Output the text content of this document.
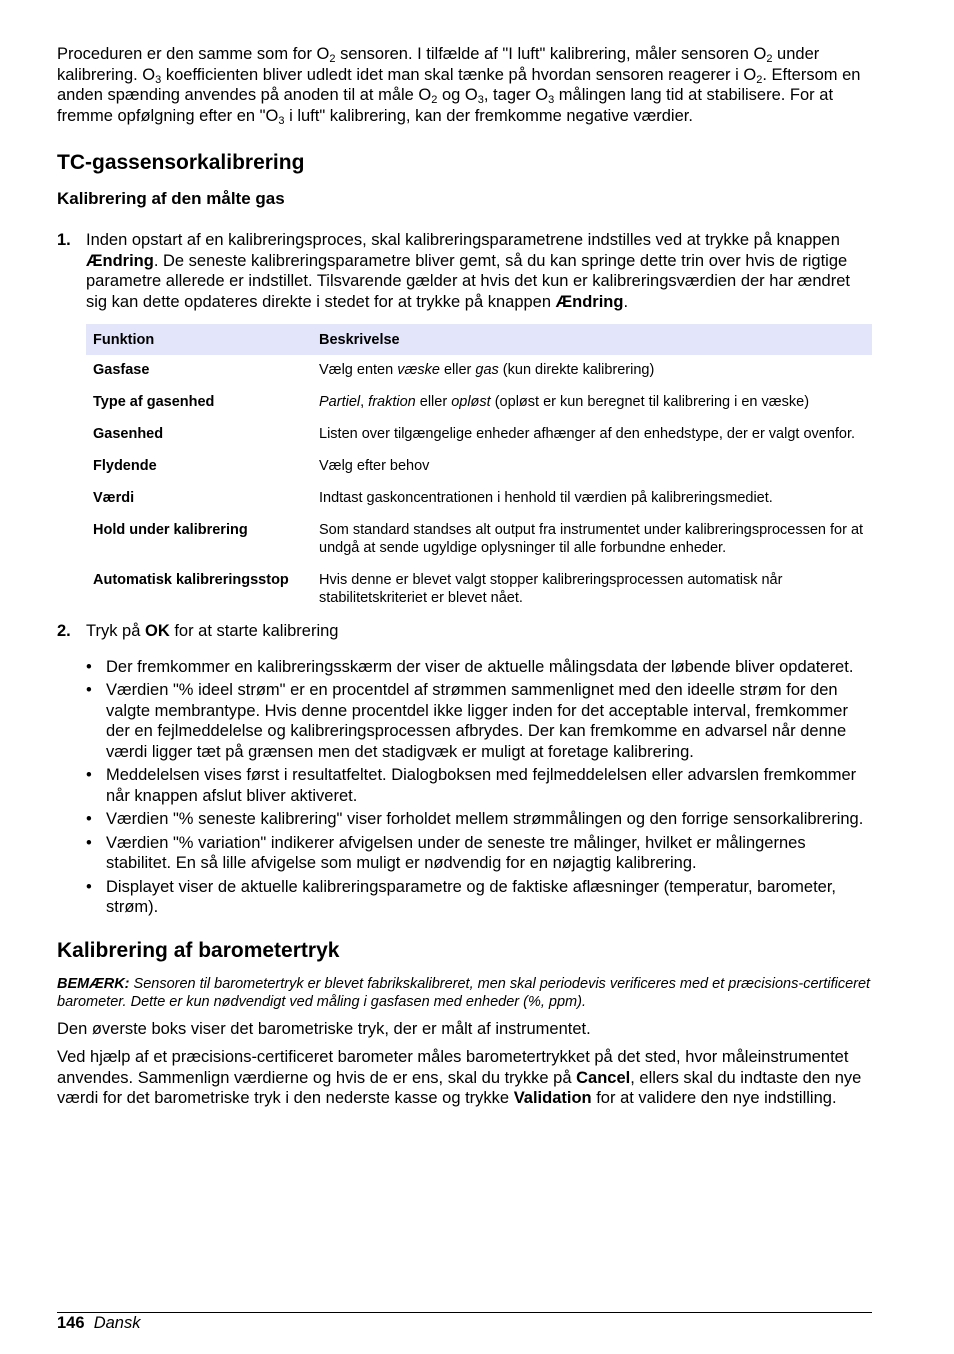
Proceduren er den samme som for $O_2$ sensoren. I tilfælde af "I luft" kalibrering, måler sensoren $O_2$ under kalibrering. $O_3$ koefficienten bliver udledt idet man skal tænke på hvordan sensoren reagerer i $O_2$. Eftersom en anden spænding anvendes på anoden til at måle $O_2$ og $O_3$, tager $O_3$ målingen lang tid at stabilisere. For at fremme opfølgning efter en "$O_3$ i luft" kalibrering, kan der fremkomme negative værdier.

TC-gassensorkalibrering
Kalibrering af den målte gas
1. Inden opstart af en kalibreringsproces, skal kalibreringsparametrene indstilles ved at trykke på knappen Ændring. De seneste kalibreringsparametre bliver gemt, så du kan springe dette trin over hvis de rigtige parametre allerede er indstillet. Tilsvarende gælder at hvis det kun er kalibreringsværdien der har ændret sig kan dette opdateres direkte i stedet for at trykke på knappen Ændring.
Funktion	Beskrivelse
Gasfase	Vælg enten væske eller gas (kun direkte kalibrering)
Type af gasenhed	Partiel, fraktion eller opløst (opløst er kun beregnet til kalibrering i en væske)
Gasenhed	Listen over tilgængelige enheder afhænger af den enhedstype, der er valgt ovenfor.
Flydende	Vælg efter behov
Værdi	Indtast gaskoncentrationen i henhold til værdien på kalibreringsmediet.
Hold under kalibrering	Som standard standses alt output fra instrumentet under kalibreringsprocessen for at undgå at sende ugyldige oplysninger til alle forbundne enheder.
Automatisk kalibreringsstop	Hvis denne er blevet valgt stopper kalibreringsprocessen automatisk når stabilitetskriteriet er blevet nået.
2. Tryk på OK for at starte kalibrering
• Der fremkommer en kalibreringsskærm der viser de aktuelle målingsdata der løbende bliver opdateret.
• Værdien "% ideel strøm" er en procentdel af strømmen sammenlignet med den ideelle strøm for den valgte membrantype. Hvis denne procentdel ikke ligger inden for det acceptable interval, fremkommer der en fejlmeddelelse og kalibreringsprocessen afbrydes. Der kan fremkomme en advarsel når denne værdi ligger tæt på grænsen men det stadigvæk er muligt at foretage kalibrering.
• Meddelelsen vises først i resultatfeltet. Dialogboksen med fejlmeddelelsen eller advarslen fremkommer når knappen afslut bliver aktiveret.
• Værdien "% seneste kalibrering" viser forholdet mellem strømmålingen og den forrige sensorkalibrering.
• Værdien "% variation" indikerer afvigelsen under de seneste tre målinger, hvilket er målingernes stabilitet. En så lille afvigelse som muligt er nødvendig for en nøjagtig kalibrering.
• Displayet viser de aktuelle kalibreringsparametre og de faktiske aflæsninger (temperatur, barometer, strøm).
Kalibrering af barometertryk

BEMÆRK: Sensoren til barometertryk er blevet fabrikskalibreret, men skal periodevis verificeres med et præcisions-certificeret barometer. Dette er kun nødvendigt ved måling i gasfasen med enheder (%, ppm).

Den øverste boks viser det barometriske tryk, der er målt af instrumentet.

Ved hjælp af et præcisions-certificeret barometer måles barometertrykket på det sted, hvor måleinstrumentet anvendes. Sammenlign værdierne og hvis de er ens, skal du trykke på Cancel, ellers skal du indtaste den nye værdi for det barometriske tryk i den nederste kasse og trykke Validation for at validere den nye indstilling.

146 Dansk
